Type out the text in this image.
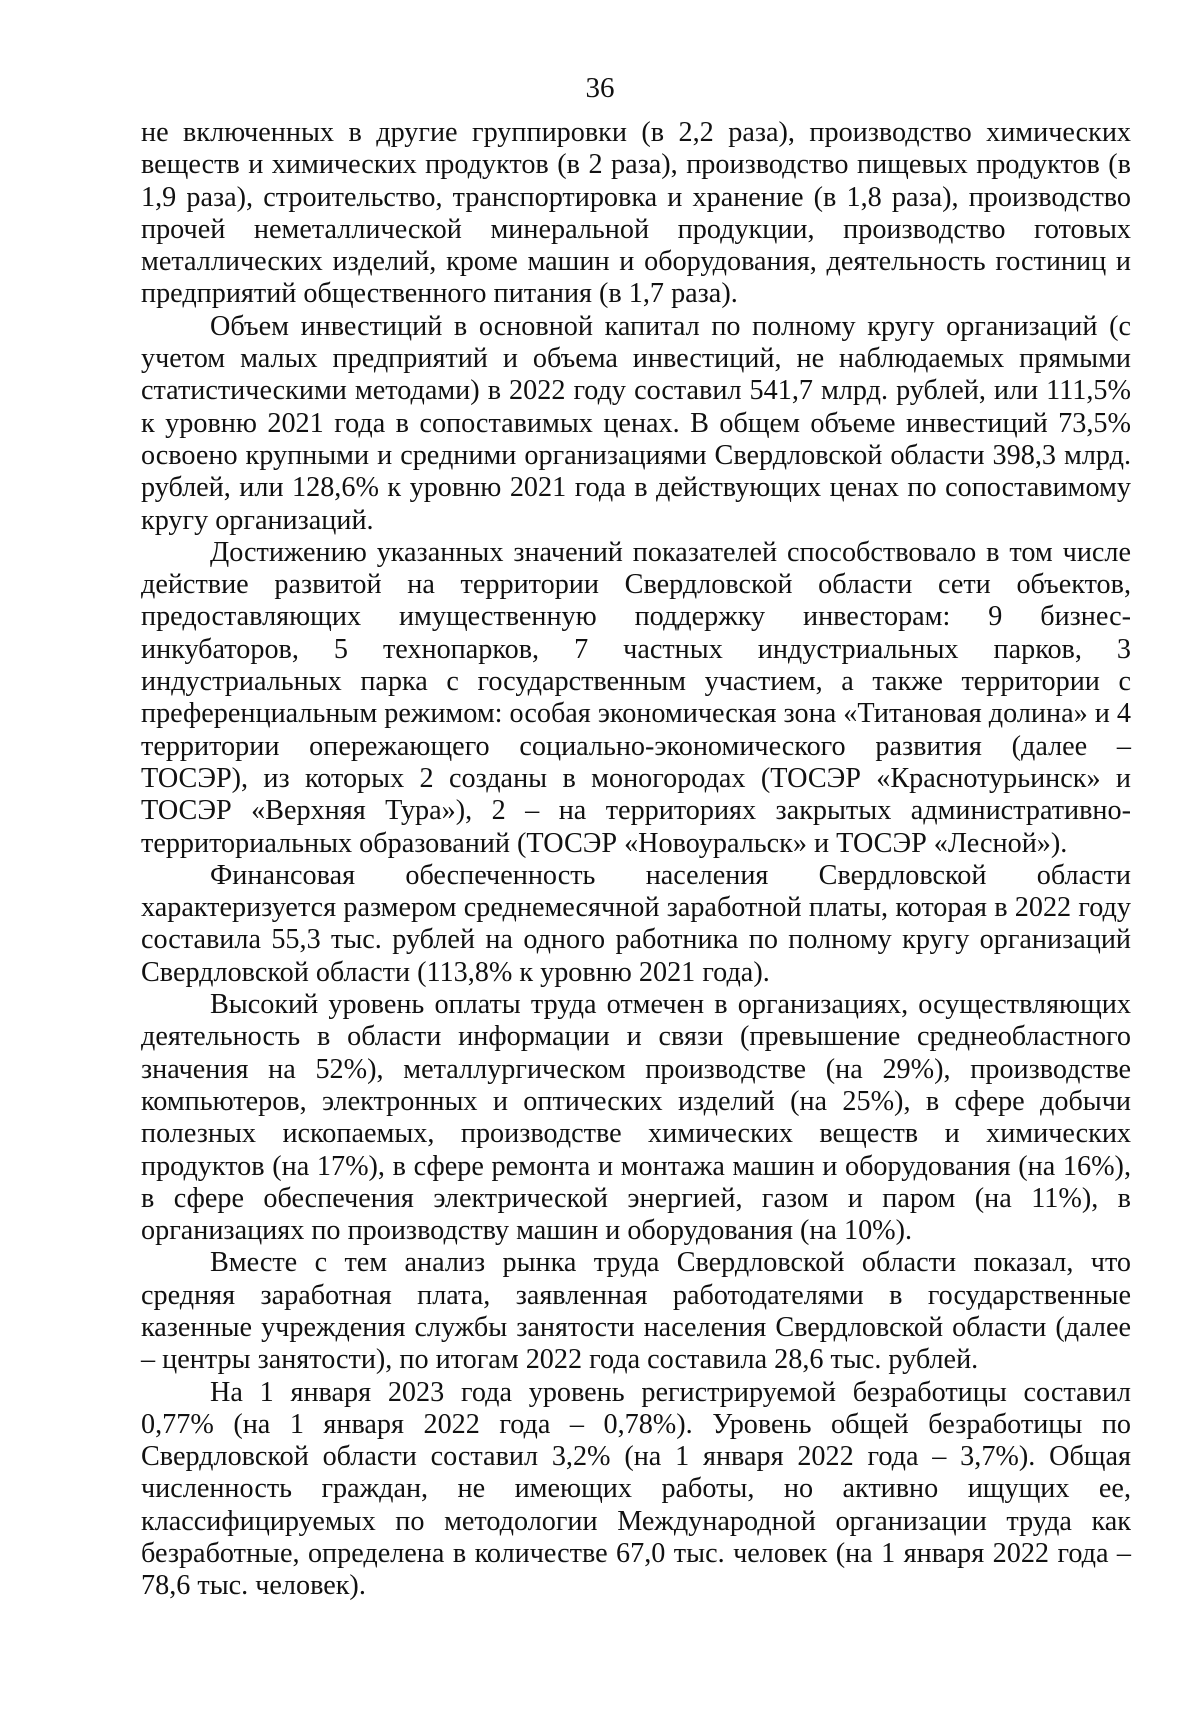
36

не включенных в другие группировки (в 2,2 раза), производство химических веществ и химических продуктов (в 2 раза), производство пищевых продуктов (в 1,9 раза), строительство, транспортировка и хранение (в 1,8 раза), производство прочей неметаллической минеральной продукции, производство готовых металлических изделий, кроме машин и оборудования, деятельность гостиниц и предприятий общественного питания (в 1,7 раза).

Объем инвестиций в основной капитал по полному кругу организаций (с учетом малых предприятий и объема инвестиций, не наблюдаемых прямыми статистическими методами) в 2022 году составил 541,7 млрд. рублей, или 111,5% к уровню 2021 года в сопоставимых ценах. В общем объеме инвестиций 73,5% освоено крупными и средними организациями Свердловской области 398,3 млрд. рублей, или 128,6% к уровню 2021 года в действующих ценах по сопоставимому кругу организаций.

Достижению указанных значений показателей способствовало в том числе действие развитой на территории Свердловской области сети объектов, предоставляющих имущественную поддержку инвесторам: 9 бизнес-инкубаторов, 5 технопарков, 7 частных индустриальных парков, 3 индустриальных парка с государственным участием, а также территории с преференциальным режимом: особая экономическая зона «Титановая долина» и 4 территории опережающего социально-экономического развития (далее – ТОСЭР), из которых 2 созданы в моногородах (ТОСЭР «Краснотурьинск» и ТОСЭР «Верхняя Тура»), 2 – на территориях закрытых административно-территориальных образований (ТОСЭР «Новоуральск» и ТОСЭР «Лесной»).

Финансовая обеспеченность населения Свердловской области характеризуется размером среднемесячной заработной платы, которая в 2022 году составила 55,3 тыс. рублей на одного работника по полному кругу организаций Свердловской области (113,8% к уровню 2021 года).

Высокий уровень оплаты труда отмечен в организациях, осуществляющих деятельность в области информации и связи (превышение среднеобластного значения на 52%), металлургическом производстве (на 29%), производстве компьютеров, электронных и оптических изделий (на 25%), в сфере добычи полезных ископаемых, производстве химических веществ и химических продуктов (на 17%), в сфере ремонта и монтажа машин и оборудования (на 16%), в сфере обеспечения электрической энергией, газом и паром (на 11%), в организациях по производству машин и оборудования (на 10%).

Вместе с тем анализ рынка труда Свердловской области показал, что средняя заработная плата, заявленная работодателями в государственные казенные учреждения службы занятости населения Свердловской области (далее – центры занятости), по итогам 2022 года составила 28,6 тыс. рублей.

На 1 января 2023 года уровень регистрируемой безработицы составил 0,77% (на 1 января 2022 года – 0,78%). Уровень общей безработицы по Свердловской области составил 3,2% (на 1 января 2022 года – 3,7%). Общая численность граждан, не имеющих работы, но активно ищущих ее, классифицируемых по методологии Международной организации труда как безработные, определена в количестве 67,0 тыс. человек (на 1 января 2022 года – 78,6 тыс. человек).
